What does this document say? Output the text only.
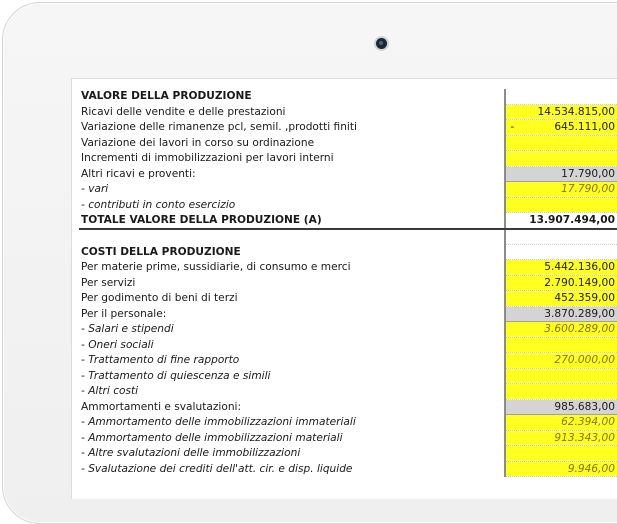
VALORE DELLA PRODUZIONE	
Ricavi delle vendite e delle prestazioni	14.534.815,00
Variazione delle rimanenze pcl, semil. ,prodotti finiti	- 645.111,00
Variazione dei lavori in corso su ordinazione	
Incrementi di immobilizzazioni per lavori interni	
Altri ricavi e proventi:	17.790,00
- vari	17.790,00
- contributi in conto esercizio	
TOTALE VALORE DELLA PRODUZIONE (A)	13.907.494,00

COSTI DELLA PRODUZIONE	
Per materie prime, sussidiarie, di consumo e merci	5.442.136,00
Per servizi	2.790.149,00
Per godimento di beni di terzi	452.359,00
Per il personale:	3.870.289,00
- Salari e stipendi	3.600.289,00
- Oneri sociali	
- Trattamento di fine rapporto	270.000,00
- Trattamento di quiescenza e simili	
- Altri costi	
Ammortamenti e svalutazioni:	985.683,00
- Ammortamento delle immobilizzazioni immateriali	62.394,00
- Ammortamento delle immobilizzazioni materiali	913.343,00
- Altre svalutazioni delle immobilizzazioni	
- Svalutazione dei crediti dell'att. cir. e disp. liquide	9.946,00
